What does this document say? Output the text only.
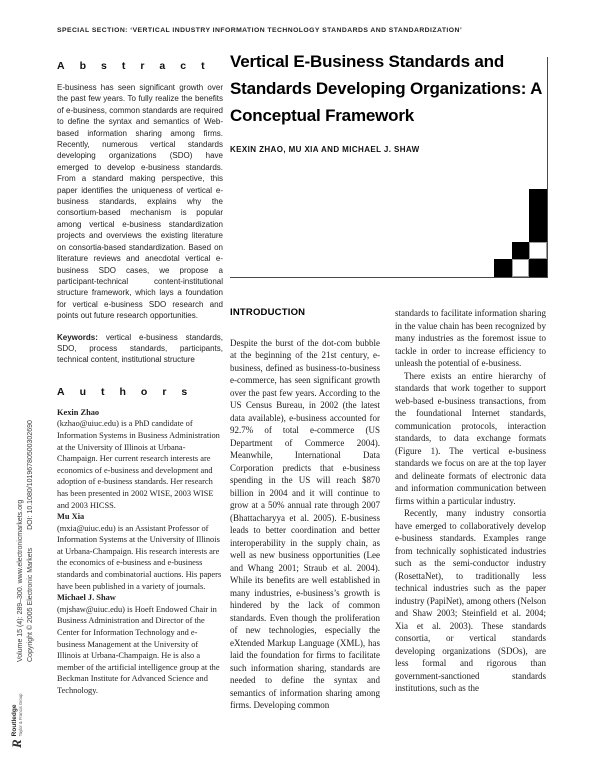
SPECIAL SECTION: ‘VERTICAL INDUSTRY INFORMATION TECHNOLOGY STANDARDS AND STANDARDIZATION’
Volume 15 (4): 289–300. www.electronicmarkets.org Copyright © 2005 Electronic MarketsDOI: 10.1080/10196780500302690
R
Routledge Taylor & Francis Group
Abstract
E-business has seen significant growth over the past few years. To fully realize the benefits of e-business, common standards are required to define the syntax and semantics of Web-based information sharing among firms. Recently, numerous vertical standards developing organizations (SDO) have emerged to develop e-business standards. From a standard making perspective, this paper identifies the uniqueness of vertical e-business standards, explains why the consortium-based mechanism is popular among vertical e-business standardization projects and overviews the existing literature on consortia-based standardization. Based on literature reviews and anecdotal vertical e-business SDO cases, we propose a participant-technical content-institutional structure framework, which lays a foundation for vertical e-business SDO research and points out future research opportunities.
Keywords: vertical e-business standards, SDO, process standards, participants, technical content, institutional structure
Authors
Kexin Zhao
(kzhao@uiuc.edu) is a PhD candidate of Information Systems in Business Administration at the University of Illinois at Urbana-Champaign. Her current research interests are economics of e-business and development and adoption of e-business standards. Her research has been presented in 2002 WISE, 2003 WISE and 2003 HICSS.
Mu Xia
(mxia@uiuc.edu) is an Assistant Professor of Information Systems at the University of Illinois at Urbana-Champaign. His research interests are the economics of e-business and e-business standards and combinatorial auctions. His papers have been published in a variety of journals.
Michael J. Shaw
(mjshaw@uiuc.edu) is Hoeft Endowed Chair in Business Administration and Director of the Center for Information Technology and e-business Management at the University of Illinois at Urbana-Champaign. He is also a member of the artificial intelligence group at the Beckman Institute for Advanced Science and Technology.
Vertical E-Business Standards and Standards Developing Organizations: A Conceptual Framework
KEXIN ZHAO, MU XIA AND MICHAEL J. SHAW
INTRODUCTION

Despite the burst of the dot-com bubble at the beginning of the 21st century, e-business, defined as business-to-business e-commerce, has seen significant growth over the past few years. According to the US Census Bureau, in 2002 (the latest data available), e-business accounted for 92.7% of total e-commerce (US Department of Commerce 2004). Meanwhile, International Data Corporation predicts that e-business spending in the US will reach $870 billion in 2004 and it will continue to grow at a 50% annual rate through 2007 (Bhattacharyya et al. 2005). E-business leads to better coordination and better interoperability in the supply chain, as well as new business opportunities (Lee and Whang 2001; Straub et al. 2004). While its benefits are well established in many industries, e-business’s growth is hindered by the lack of common standards. Even though the proliferation of new technologies, especially the eXtended Markup Language (XML), has laid the foundation for firms to facilitate such information sharing, standards are needed to define the syntax and semantics of information sharing among firms. Developing common

standards to facilitate information sharing in the value chain has been recognized by many industries as the foremost issue to tackle in order to increase efficiency to unleash the potential of e-business.

There exists an entire hierarchy of standards that work together to support web-based e-business transactions, from the foundational Internet standards, communication protocols, interaction standards, to data exchange formats (Figure 1). The vertical e-business standards we focus on are at the top layer and delineate formats of electronic data and information communication between firms within a particular industry.

Recently, many industry consortia have emerged to collaboratively develop e-business standards. Examples range from technically sophisticated industries such as the semi-conductor industry (RosettaNet), to traditionally less technical industries such as the paper industry (PapiNet), among others (Nelson and Shaw 2003; Steinfield et al. 2004; Xia et al. 2003). These standards consortia, or vertical standards developing organizations (SDOs), are less formal and rigorous than government-sanctioned standards institutions, such as the
